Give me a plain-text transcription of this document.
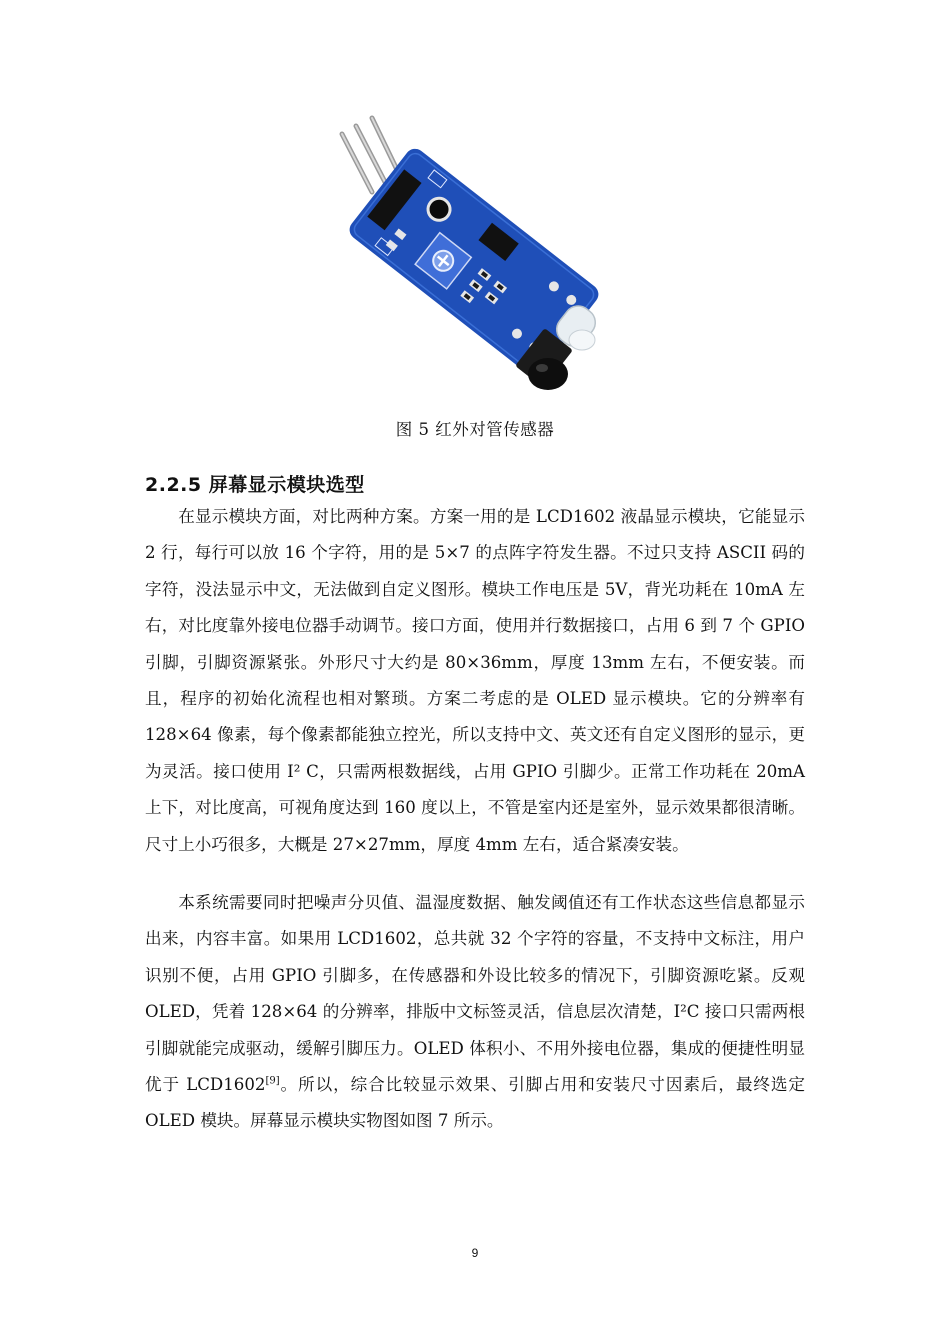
图 5 红外对管传感器
2.2.5 屏幕显示模块选型

在显示模块方面，对比两种方案。方案一用的是 LCD1602 液晶显示模块，它能显示 2 行，每行可以放 16 个字符，用的是 5×7 的点阵字符发生器。不过只支持 ASCII 码的字符，没法显示中文，无法做到自定义图形。模块工作电压是 5V，背光功耗在 10mA 左右，对比度靠外接电位器手动调节。接口方面，使用并行数据接口，占用 6 到 7 个 GPIO 引脚，引脚资源紧张。外形尺寸大约是 80×36mm，厚度 13mm 左右，不便安装。而且，程序的初始化流程也相对繁琐。方案二考虑的是 OLED 显示模块。它的分辨率有 128×64 像素，每个像素都能独立控光，所以支持中文、英文还有自定义图形的显示，更为灵活。接口使用 I² C，只需两根数据线，占用 GPIO 引脚少。正常工作功耗在 20mA 上下，对比度高，可视角度达到 160 度以上，不管是室内还是室外，显示效果都很清晰。尺寸上小巧很多，大概是 27×27mm，厚度 4mm 左右，适合紧凑安装。

本系统需要同时把噪声分贝值、温湿度数据、触发阈值还有工作状态这些信息都显示出来，内容丰富。如果用 LCD1602，总共就 32 个字符的容量，不支持中文标注，用户识别不便，占用 GPIO 引脚多，在传感器和外设比较多的情况下，引脚资源吃紧。反观 OLED，凭着 128×64 的分辨率，排版中文标签灵活，信息层次清楚，I²C 接口只需两根引脚就能完成驱动，缓解引脚压力。OLED 体积小、不用外接电位器，集成的便捷性明显优于 LCD1602[9]。所以，综合比较显示效果、引脚占用和安装尺寸因素后，最终选定 OLED 模块。屏幕显示模块实物图如图 7 所示。

9
